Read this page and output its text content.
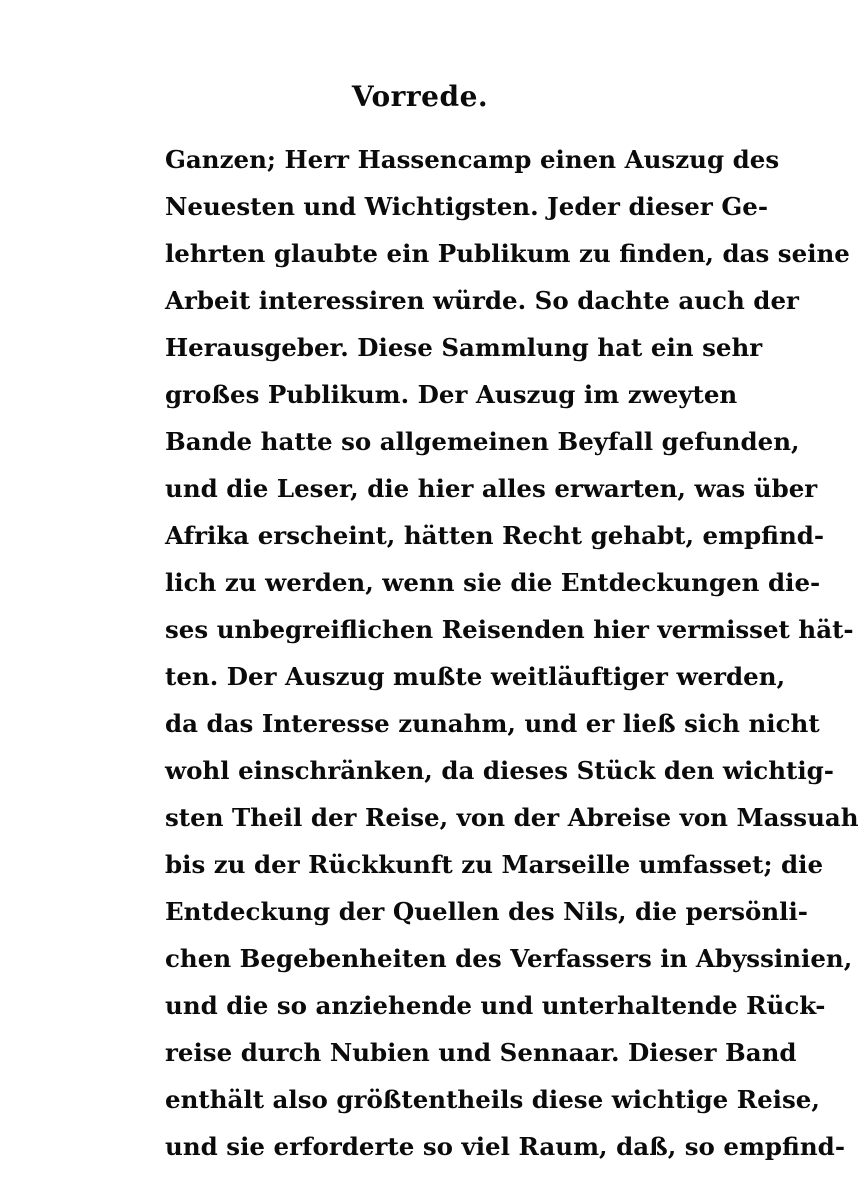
Vorrede.
Ganzen; Herr Hassencamp einen Auszug des
Neuesten und Wichtigsten. Jeder dieser Ge-
lehrten glaubte ein Publikum zu finden, das seine
Arbeit interessiren würde. So dachte auch der
Herausgeber. Diese Sammlung hat ein sehr
großes Publikum. Der Auszug im zweyten
Bande hatte so allgemeinen Beyfall gefunden,
und die Leser, die hier alles erwarten, was über
Afrika erscheint, hätten Recht gehabt, empfind-
lich zu werden, wenn sie die Entdeckungen die-
ses unbegreiflichen Reisenden hier vermisset hät-
ten. Der Auszug mußte weitläuftiger werden,
da das Interesse zunahm, und er ließ sich nicht
wohl einschränken, da dieses Stück den wichtig-
sten Theil der Reise, von der Abreise von Massuah
bis zu der Rückkunft zu Marseille umfasset; die
Entdeckung der Quellen des Nils, die persönli-
chen Begebenheiten des Verfassers in Abyssinien,
und die so anziehende und unterhaltende Rück-
reise durch Nubien und Sennaar. Dieser Band
enthält also größtentheils diese wichtige Reise,
und sie erforderte so viel Raum, daß, so empfind-
